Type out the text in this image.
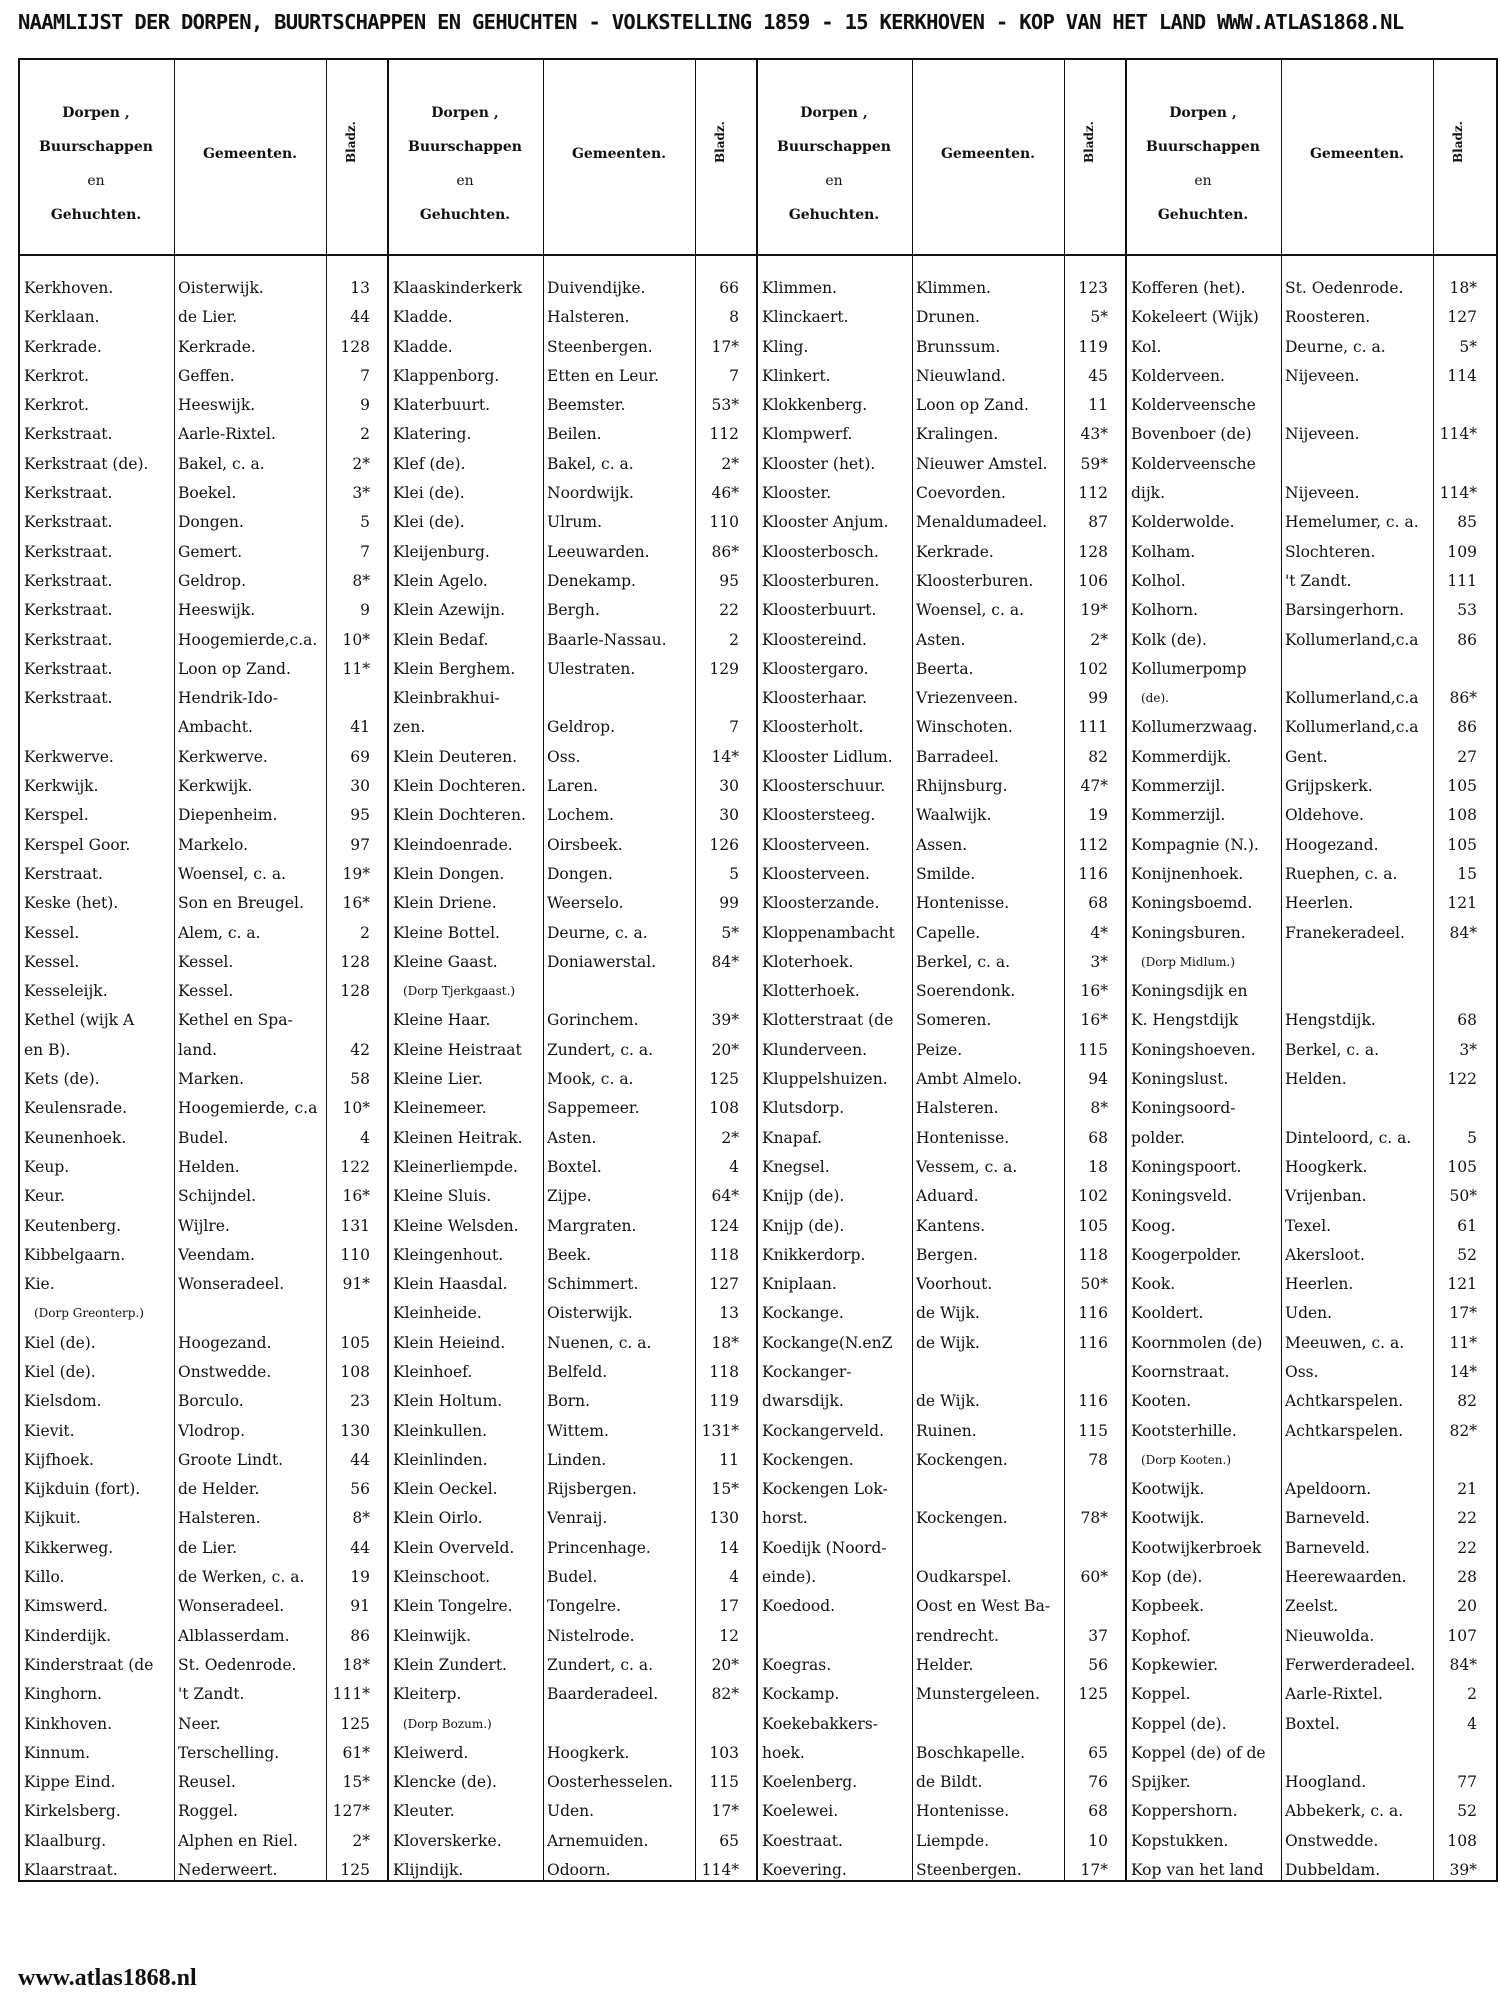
NAAMLIJST DER DORPEN, BUURTSCHAPPEN EN GEHUCHTEN - VOLKSTELLING 1859 - 15 KERKHOVEN - KOP VAN HET LAND WWW.ATLAS1868.NL
Dorpen ,
Buurschappen
en
Gehuchten.
Gemeenten.	Bladz.
Kerkhoven.	Oisterwijk.	13
Kerklaan.	de Lier.	44
Kerkrade.	Kerkrade.	128
Kerkrot.	Geffen.	7
Kerkrot.	Heeswijk.	9
Kerkstraat.	Aarle-Rixtel.	2
Kerkstraat (de).	Bakel, c. a.	2*
Kerkstraat.	Boekel.	3*
Kerkstraat.	Dongen.	5
Kerkstraat.	Gemert.	7
Kerkstraat.	Geldrop.	8*
Kerkstraat.	Heeswijk.	9
Kerkstraat.	Hoogemierde,c.a.	10*
Kerkstraat.	Loon op Zand.	11*
Kerkstraat.	Hendrik-Ido-
Ambacht.	41
Kerkwerve.	Kerkwerve.	69
Kerkwijk.	Kerkwijk.	30
Kerspel.	Diepenheim.	95
Kerspel Goor.	Markelo.	97
Kerstraat.	Woensel, c. a.	19*
Keske (het).	Son en Breugel.	16*
Kessel.	Alem, c. a.	2
Kessel.	Kessel.	128
Kesseleijk.	Kessel.	128
Kethel (wijk A	Kethel en Spa-
en B).	land.	42
Kets (de).	Marken.	58
Keulensrade.	Hoogemierde, c.a	10*
Keunenhoek.	Budel.	4
Keup.	Helden.	122
Keur.	Schijndel.	16*
Keutenberg.	Wijlre.	131
Kibbelgaarn.	Veendam.	110
Kie.	Wonseradeel.	91*
(Dorp Greonterp.)
Kiel (de).	Hoogezand.	105
Kiel (de).	Onstwedde.	108
Kielsdom.	Borculo.	23
Kievit.	Vlodrop.	130
Kijfhoek.	Groote Lindt.	44
Kijkduin (fort).	de Helder.	56
Kijkuit.	Halsteren.	8*
Kikkerweg.	de Lier.	44
Killo.	de Werken, c. a.	19
Kimswerd.	Wonseradeel.	91
Kinderdijk.	Alblasserdam.	86
Kinderstraat (de	St. Oedenrode.	18*
Kinghorn.	't Zandt.	111*
Kinkhoven.	Neer.	125
Kinnum.	Terschelling.	61*
Kippe Eind.	Reusel.	15*
Kirkelsberg.	Roggel.	127*
Klaalburg.	Alphen en Riel.	2*
Klaarstraat.	Nederweert.	125
Dorpen ,
Buurschappen
en
Gehuchten.
Gemeenten.	Bladz.
Klaaskinderkerk	Duivendijke.	66
Kladde.	Halsteren.	8
Kladde.	Steenbergen.	17*
Klappenborg.	Etten en Leur.	7
Klaterbuurt.	Beemster.	53*
Klatering.	Beilen.	112
Klef (de).	Bakel, c. a.	2*
Klei (de).	Noordwijk.	46*
Klei (de).	Ulrum.	110
Kleijenburg.	Leeuwarden.	86*
Klein Agelo.	Denekamp.	95
Klein Azewijn.	Bergh.	22
Klein Bedaf.	Baarle-Nassau.	2
Klein Berghem.	Ulestraten.	129
Kleinbrakhui-
zen.	Geldrop.	7
Klein Deuteren.	Oss.	14*
Klein Dochteren.	Laren.	30
Klein Dochteren.	Lochem.	30
Kleindoenrade.	Oirsbeek.	126
Klein Dongen.	Dongen.	5
Klein Driene.	Weerselo.	99
Kleine Bottel.	Deurne, c. a.	5*
Kleine Gaast.	Doniawerstal.	84*
(Dorp Tjerkgaast.)
Kleine Haar.	Gorinchem.	39*
Kleine Heistraat	Zundert, c. a.	20*
Kleine Lier.	Mook, c. a.	125
Kleinemeer.	Sappemeer.	108
Kleinen Heitrak.	Asten.	2*
Kleinerliempde.	Boxtel.	4
Kleine Sluis.	Zijpe.	64*
Kleine Welsden.	Margraten.	124
Kleingenhout.	Beek.	118
Klein Haasdal.	Schimmert.	127
Kleinheide.	Oisterwijk.	13
Klein Heieind.	Nuenen, c. a.	18*
Kleinhoef.	Belfeld.	118
Klein Holtum.	Born.	119
Kleinkullen.	Wittem.	131*
Kleinlinden.	Linden.	11
Klein Oeckel.	Rijsbergen.	15*
Klein Oirlo.	Venraij.	130
Klein Overveld.	Princenhage.	14
Kleinschoot.	Budel.	4
Klein Tongelre.	Tongelre.	17
Kleinwijk.	Nistelrode.	12
Klein Zundert.	Zundert, c. a.	20*
Kleiterp.	Baarderadeel.	82*
(Dorp Bozum.)
Kleiwerd.	Hoogkerk.	103
Klencke (de).	Oosterhesselen.	115
Kleuter.	Uden.	17*
Kloverskerke.	Arnemuiden.	65
Klijndijk.	Odoorn.	114*
Dorpen ,
Buurschappen
en
Gehuchten.
Gemeenten.	Bladz.
Klimmen.	Klimmen.	123
Klinckaert.	Drunen.	5*
Kling.	Brunssum.	119
Klinkert.	Nieuwland.	45
Klokkenberg.	Loon op Zand.	11
Klompwerf.	Kralingen.	43*
Klooster (het).	Nieuwer Amstel.	59*
Klooster.	Coevorden.	112
Klooster Anjum.	Menaldumadeel.	87
Kloosterbosch.	Kerkrade.	128
Kloosterburen.	Kloosterburen.	106
Kloosterbuurt.	Woensel, c. a.	19*
Kloostereind.	Asten.	2*
Kloostergaro.	Beerta.	102
Kloosterhaar.	Vriezenveen.	99
Kloosterholt.	Winschoten.	111
Klooster Lidlum.	Barradeel.	82
Kloosterschuur.	Rhijnsburg.	47*
Kloostersteeg.	Waalwijk.	19
Kloosterveen.	Assen.	112
Kloosterveen.	Smilde.	116
Kloosterzande.	Hontenisse.	68
Kloppenambacht	Capelle.	4*
Kloterhoek.	Berkel, c. a.	3*
Klotterhoek.	Soerendonk.	16*
Klotterstraat (de	Someren.	16*
Klunderveen.	Peize.	115
Kluppelshuizen.	Ambt Almelo.	94
Klutsdorp.	Halsteren.	8*
Knapaf.	Hontenisse.	68
Knegsel.	Vessem, c. a.	18
Knijp (de).	Aduard.	102
Knijp (de).	Kantens.	105
Knikkerdorp.	Bergen.	118
Kniplaan.	Voorhout.	50*
Kockange.	de Wijk.	116
Kockange(N.enZ	de Wijk.	116
Kockanger-
dwarsdijk.	de Wijk.	116
Kockangerveld.	Ruinen.	115
Kockengen.	Kockengen.	78
Kockengen Lok-
horst.	Kockengen.	78*
Koedijk (Noord-
einde).	Oudkarspel.	60*
Koedood.	Oost en West Ba-
rendrecht.	37
Koegras.	Helder.	56
Kockamp.	Munstergeleen.	125
Koekebakkers-
hoek.	Boschkapelle.	65
Koelenberg.	de Bildt.	76
Koelewei.	Hontenisse.	68
Koestraat.	Liempde.	10
Koevering.	Steenbergen.	17*
Dorpen ,
Buurschappen
en
Gehuchten.
Gemeenten.	Bladz.
Kofferen (het).	St. Oedenrode.	18*
Kokeleert (Wijk)	Roosteren.	127
Kol.	Deurne, c. a.	5*
Kolderveen.	Nijeveen.	114
Kolderveensche
Bovenboer (de)	Nijeveen.	114*
Kolderveensche
dijk.	Nijeveen.	114*
Kolderwolde.	Hemelumer, c. a.	85
Kolham.	Slochteren.	109
Kolhol.	't Zandt.	111
Kolhorn.	Barsingerhorn.	53
Kolk (de).	Kollumerland,c.a	86
Kollumerpomp
(de).	Kollumerland,c.a	86*
Kollumerzwaag.	Kollumerland,c.a	86
Kommerdijk.	Gent.	27
Kommerzijl.	Grijpskerk.	105
Kommerzijl.	Oldehove.	108
Kompagnie (N.).	Hoogezand.	105
Konijnenhoek.	Ruephen, c. a.	15
Koningsboemd.	Heerlen.	121
Koningsburen.	Franekeradeel.	84*
(Dorp Midlum.)
Koningsdijk en
K. Hengstdijk	Hengstdijk.	68
Koningshoeven.	Berkel, c. a.	3*
Koningslust.	Helden.	122
Koningsoord-
polder.	Dinteloord, c. a.	5
Koningspoort.	Hoogkerk.	105
Koningsveld.	Vrijenban.	50*
Koog.	Texel.	61
Koogerpolder.	Akersloot.	52
Kook.	Heerlen.	121
Kooldert.	Uden.	17*
Koornmolen (de)	Meeuwen, c. a.	11*
Koornstraat.	Oss.	14*
Kooten.	Achtkarspelen.	82
Kootsterhille.	Achtkarspelen.	82*
(Dorp Kooten.)
Kootwijk.	Apeldoorn.	21
Kootwijk.	Barneveld.	22
Kootwijkerbroek	Barneveld.	22
Kop (de).	Heerewaarden.	28
Kopbeek.	Zeelst.	20
Kophof.	Nieuwolda.	107
Kopkewier.	Ferwerderadeel.	84*
Koppel.	Aarle-Rixtel.	2
Koppel (de).	Boxtel.	4
Koppel (de) of de
Spijker.	Hoogland.	77
Koppershorn.	Abbekerk, c. a.	52
Kopstukken.	Onstwedde.	108
Kop van het land	Dubbeldam.	39*
www.atlas1868.nl
